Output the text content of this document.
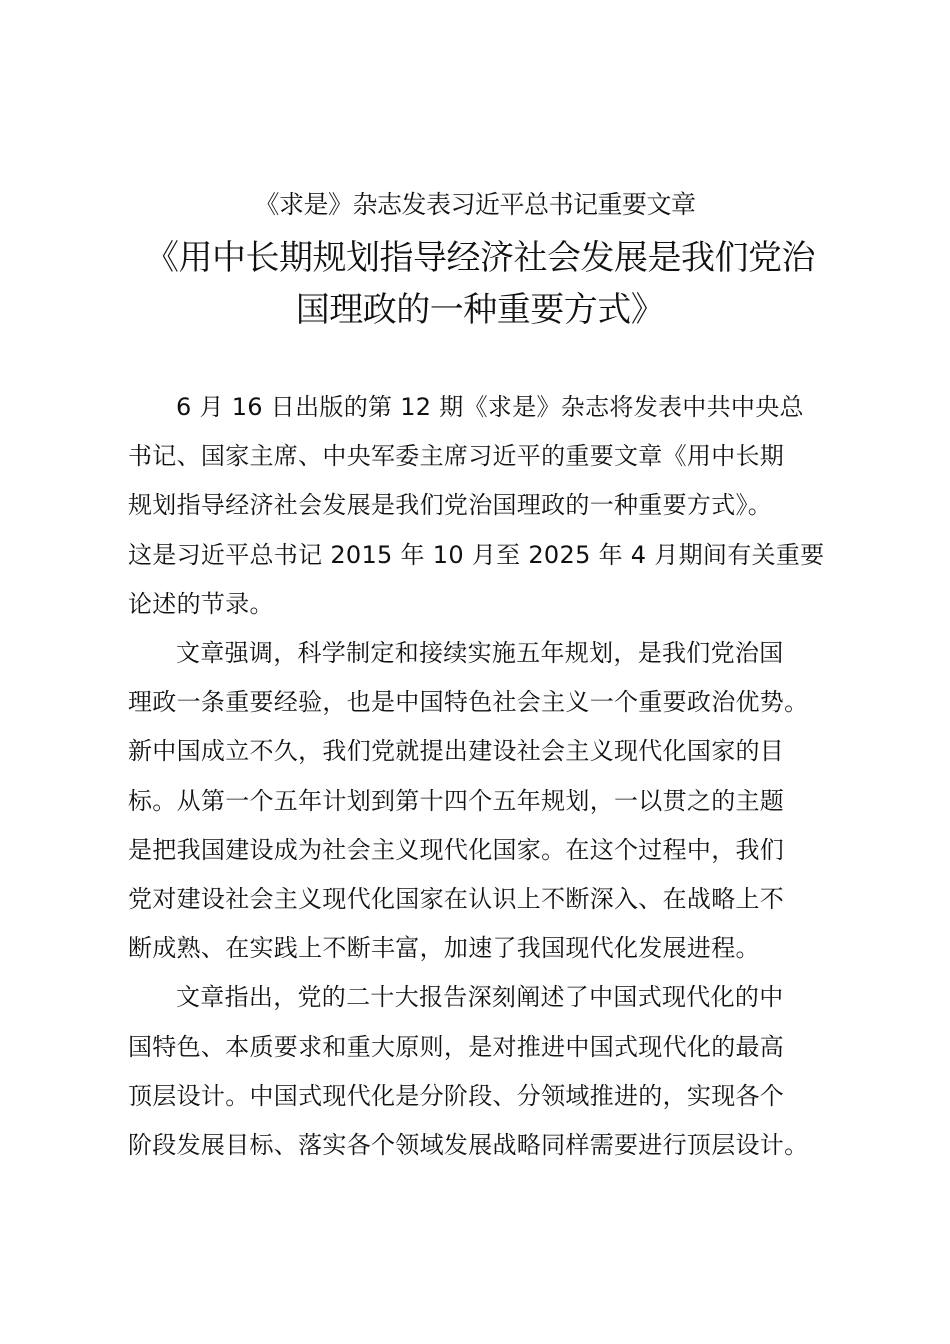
《求是》杂志发表习近平总书记重要文章
《用中长期规划指导经济社会发展是我们党治
国理政的一种重要方式》
6 月 16 日出版的第 12 期《求是》杂志将发表中共中央总
书记、国家主席、中央军委主席习近平的重要文章《用中长期
规划指导经济社会发展是我们党治国理政的一种重要方式》。
这是习近平总书记 2015 年 10 月至 2025 年 4 月期间有关重要
论述的节录。
文章强调，科学制定和接续实施五年规划，是我们党治国
理政一条重要经验，也是中国特色社会主义一个重要政治优势。
新中国成立不久，我们党就提出建设社会主义现代化国家的目
标。从第一个五年计划到第十四个五年规划，一以贯之的主题
是把我国建设成为社会主义现代化国家。在这个过程中，我们
党对建设社会主义现代化国家在认识上不断深入、在战略上不
断成熟、在实践上不断丰富，加速了我国现代化发展进程。
文章指出，党的二十大报告深刻阐述了中国式现代化的中
国特色、本质要求和重大原则，是对推进中国式现代化的最高
顶层设计。中国式现代化是分阶段、分领域推进的，实现各个
阶段发展目标、落实各个领域发展战略同样需要进行顶层设计。
